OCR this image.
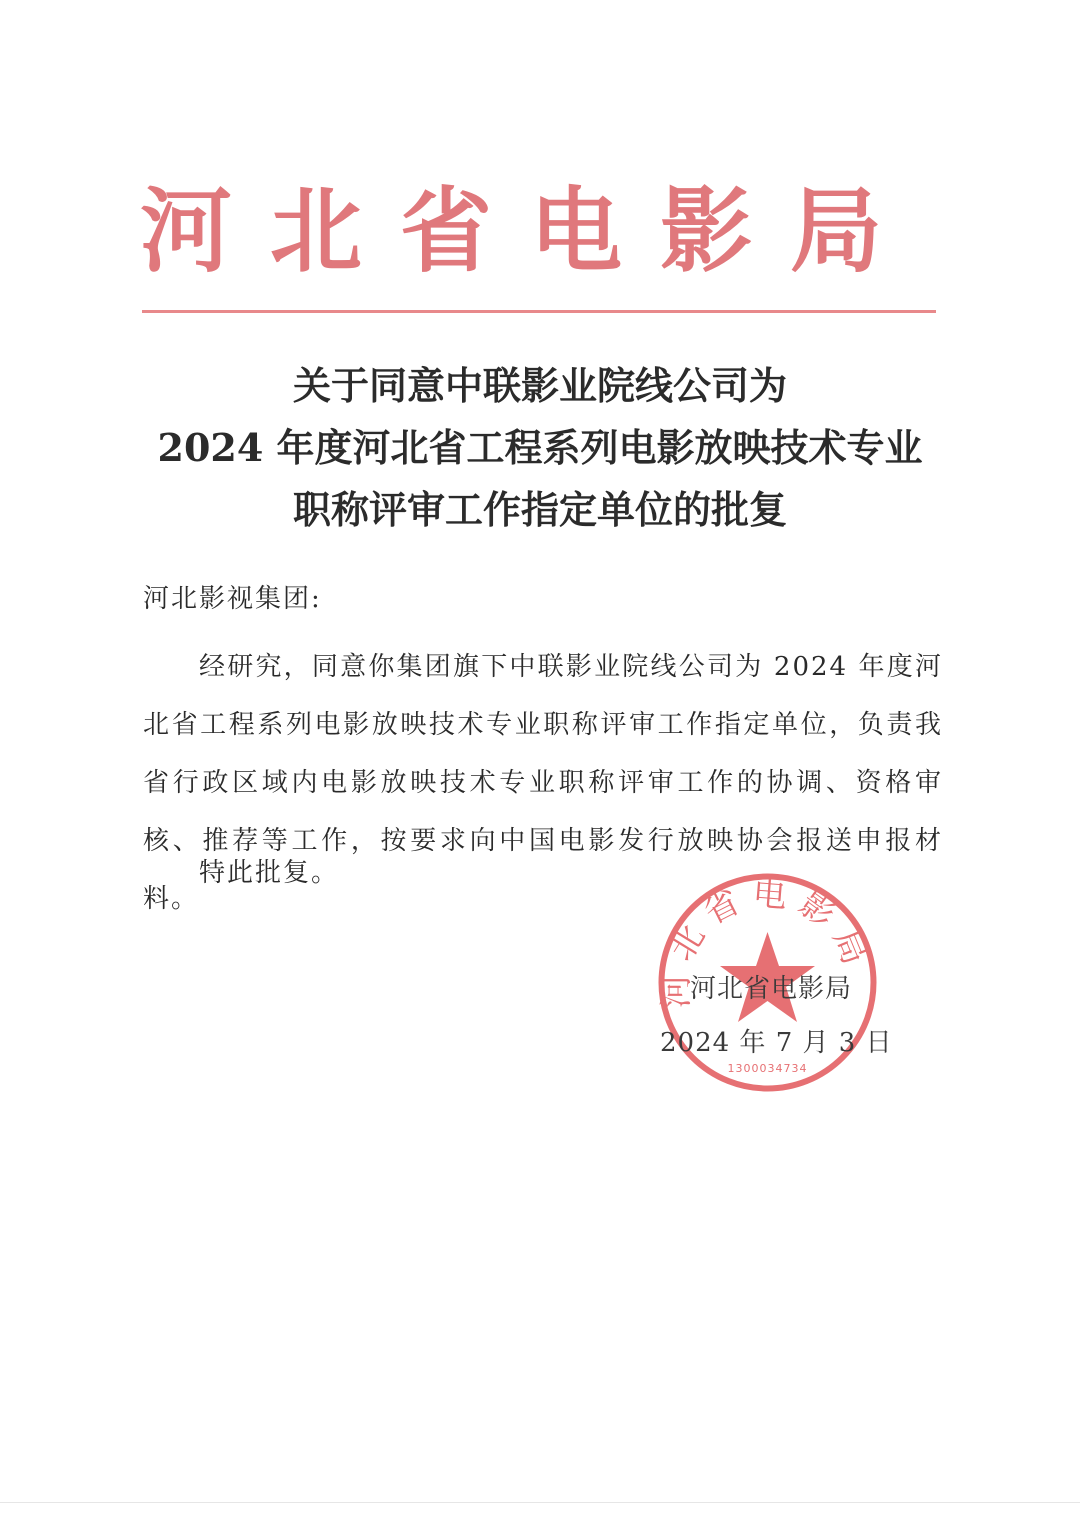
河北省电影局
关于同意中联影业院线公司为
2024 年度河北省工程系列电影放映技术专业
职称评审工作指定单位的批复
河北影视集团:
经研究，同意你集团旗下中联影业院线公司为 2024 年度河北省工程系列电影放映技术专业职称评审工作指定单位，负责我省行政区域内电影放映技术专业职称评审工作的协调、资格审核、推荐等工作，按要求向中国电影发行放映协会报送申报材料。
特此批复。
河北省电影局
1300034734
河北省电影局
2024 年 7 月 3 日
